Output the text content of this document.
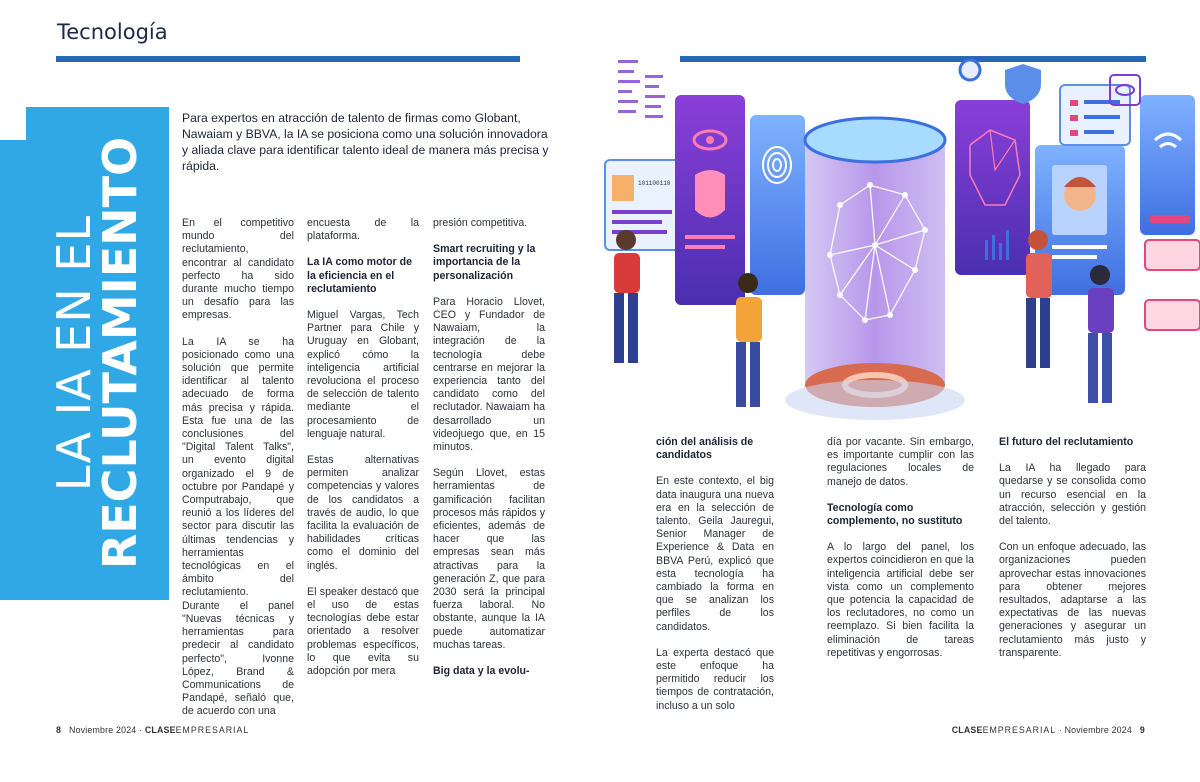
Tecnología
LA IA EN EL
RECLUTAMIENTO
Para expertos en atracción de talento de firmas como Globant, Nawaiam y BBVA, la IA se posiciona como una solución innovadora y aliada clave para identificar talento ideal de manera más precisa y rápida.

En el competitivo mundo del reclutamiento, encontrar al candidato perfecto ha sido durante mucho tiempo un desafío para las empresas.

La IA se ha posicionado como una solución que permite identificar al talento adecuado de forma más precisa y rápida. Esta fue una de las conclusiones del "Digital Talent Talks", un evento digital organizado el 9 de octubre por Pandapé y Computrabajo, que reunió a los líderes del sector para discutir las últimas tendencias y herramientas tecnológicas en el ámbito del reclutamiento.

Durante el panel "Nuevas técnicas y herramientas para predecir al candidato perfecto", Ivonne López, Brand & Communications de Pandapé, señaló que, de acuerdo con una

encuesta de la plataforma.

La IA como motor de la eficiencia en el reclutamiento

Miguel Vargas, Tech Partner para Chile y Uruguay en Globant, explicó cómo la inteligencia artificial revoluciona el proceso de selección de talento mediante el procesamiento de lenguaje natural.

Estas alternativas permiten analizar competencias y valores de los candidatos a través de audio, lo que facilita la evaluación de habilidades críticas como el dominio del inglés.

El speaker destacó que el uso de estas tecnologías debe estar orientado a resolver problemas específicos, lo que evita su adopción por mera

presión competitiva.

Smart recruiting y la importancia de la personalización

Para Horacio Llovet, CEO y Fundador de Nawaiam, la integración de la tecnología debe centrarse en mejorar la experiencia tanto del candidato como del reclutador. Nawaiam ha desarrollado un videojuego que, en 15 minutos.

Según Llovet, estas herramientas de gamificación facilitan procesos más rápidos y eficientes, además de hacer que las empresas sean más atractivas para la generación Z, que para 2030 será la principal fuerza laboral. No obstante, aunque la IA puede automatizar muchas tareas.

Big data y la evolu-
ción del análisis de candidatos

En este contexto, el big data inaugura una nueva era en la selección de talento. Geila Jauregui, Senior Manager de Experience & Data en BBVA Perú, explicó que esta tecnología ha cambiado la forma en que se analizan los perfiles de los candidatos.

La experta destacó que este enfoque ha permitido reducir los tiempos de contratación, incluso a un solo

día por vacante. Sin embargo, es importante cumplir con las regulaciones locales de manejo de datos.

Tecnología como complemento, no sustituto

A lo largo del panel, los expertos coincidieron en que la inteligencia artificial debe ser vista como un complemento que potencia la capacidad de los reclutadores, no como un reemplazo. Si bien facilita la eliminación de tareas repetitivas y engorrosas.

El futuro del reclutamiento

La IA ha llegado para quedarse y se consolida como un recurso esencial en la atracción, selección y gestión del talento.

Con un enfoque adecuado, las organizaciones pueden aprovechar estas innovaciones para obtener mejores resultados, adaptarse a las expectativas de las nuevas generaciones y asegurar un reclutamiento más justo y transparente.

101100110
8 Noviembre 2024 · CLASEEMPRESARIAL	CLASEEMPRESARIAL · Noviembre 2024 9
